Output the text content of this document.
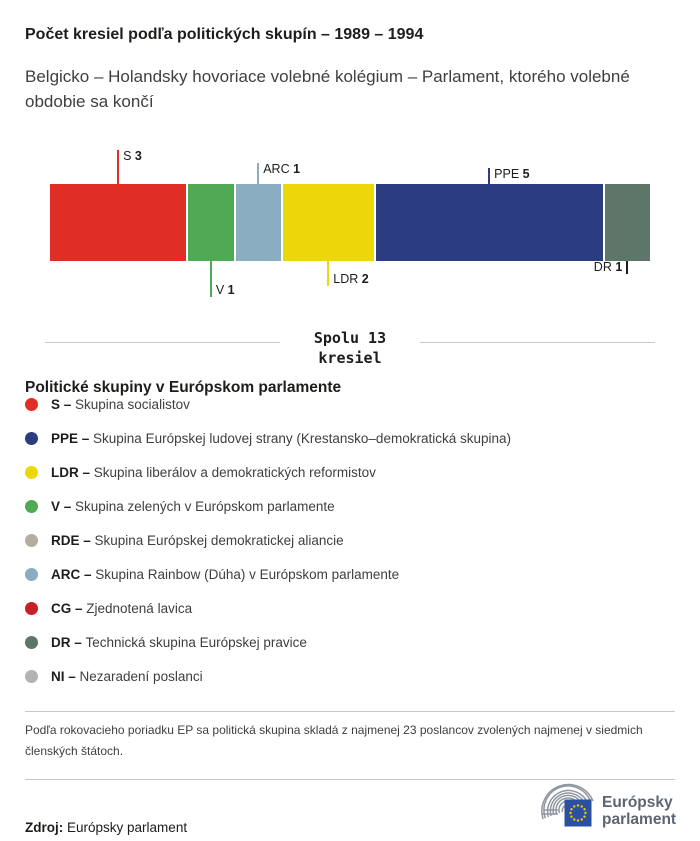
Počet kresiel podľa politických skupín – 1989 – 1994
Belgicko – Holandsky hovoriace volebné kolégium – Parlament, ktorého volebné obdobie sa končí
S 3
V 1
ARC 1
LDR 2
PPE 5
DR 1
Spolu 13
kresiel
Politické skupiny v Európskom parlamente
S – Skupina socialistov
PPE – Skupina Európskej ludovej strany (Krestansko–demokratická skupina)
LDR – Skupina liberálov a demokratických reformistov
V – Skupina zelených v Európskom parlamente
RDE – Skupina Európskej demokratickej aliancie
ARC – Skupina Rainbow (Dúha) v Európskom parlamente
CG – Zjednotená lavica
DR – Technická skupina Európskej pravice
NI – Nezaradení poslanci
Podľa rokovacieho poriadku EP sa politická skupina skladá z najmenej 23 poslancov zvolených najmenej v siedmich členských štátoch.
Zdroj: Európsky parlament
Európsky
parlament
